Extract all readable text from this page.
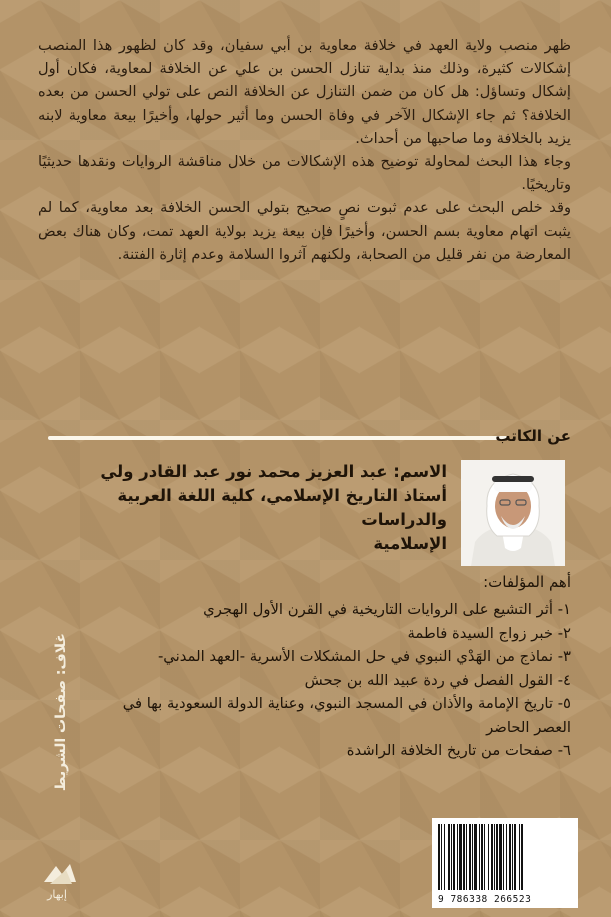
ظهر منصب ولاية العهد في خلافة معاوية بن أبي سفيان، وقد كان لظهور هذا المنصب إشكالات كثيرة، وذلك منذ بداية تنازل الحسن بن علي عن الخلافة لمعاوية، فكان أول إشكال وتساؤل: هل كان من ضمن التنازل عن الخلافة النص على تولي الحسن من بعده الخلافة؟ ثم جاء الإشكال الآخر في وفاة الحسن وما أثير حولها، وأخيرًا بيعة معاوية لابنه يزيد بالخلافة وما صاحبها من أحداث.

وجاء هذا البحث لمحاولة توضيح هذه الإشكالات من خلال مناقشة الروايات ونقدها حديثيًا وتاريخيًا.

وقد خلص البحث على عدم ثبوت نصٍ صحيح بتولي الحسن الخلافة بعد معاوية، كما لم يثبت اتهام معاوية بسم الحسن، وأخيرًا فإن بيعة يزيد بولاية العهد تمت، وكان هناك بعض المعارضة من نفر قليل من الصحابة، ولكنهم آثروا السلامة وعدم إثارة الفتنة.

عن الكاتب
الاسم: عبد العزيز محمد نور عبد القادر ولي
أستاذ التاريخ الإسلامي، كلية اللغة العربية والدراسات
الإسلامية
أهم المؤلفات:
١- أثر التشيع على الروايات التاريخية في القرن الأول الهجري
٢- خبر زواج السيدة فاطمة
٣- نماذج من الهَدْي النبوي في حل المشكلات الأسرية -العهد المدني-
٤- القول الفصل في ردة عبيد الله بن جحش
٥- تاريخ الإمامة والأذان في المسجد النبوي، وعناية الدولة السعودية بها في العصر الحاضر
٦- صفحات من تاريخ الخلافة الراشدة
غلاف: صفحات الشريط
إبهار	9 786338 266523
